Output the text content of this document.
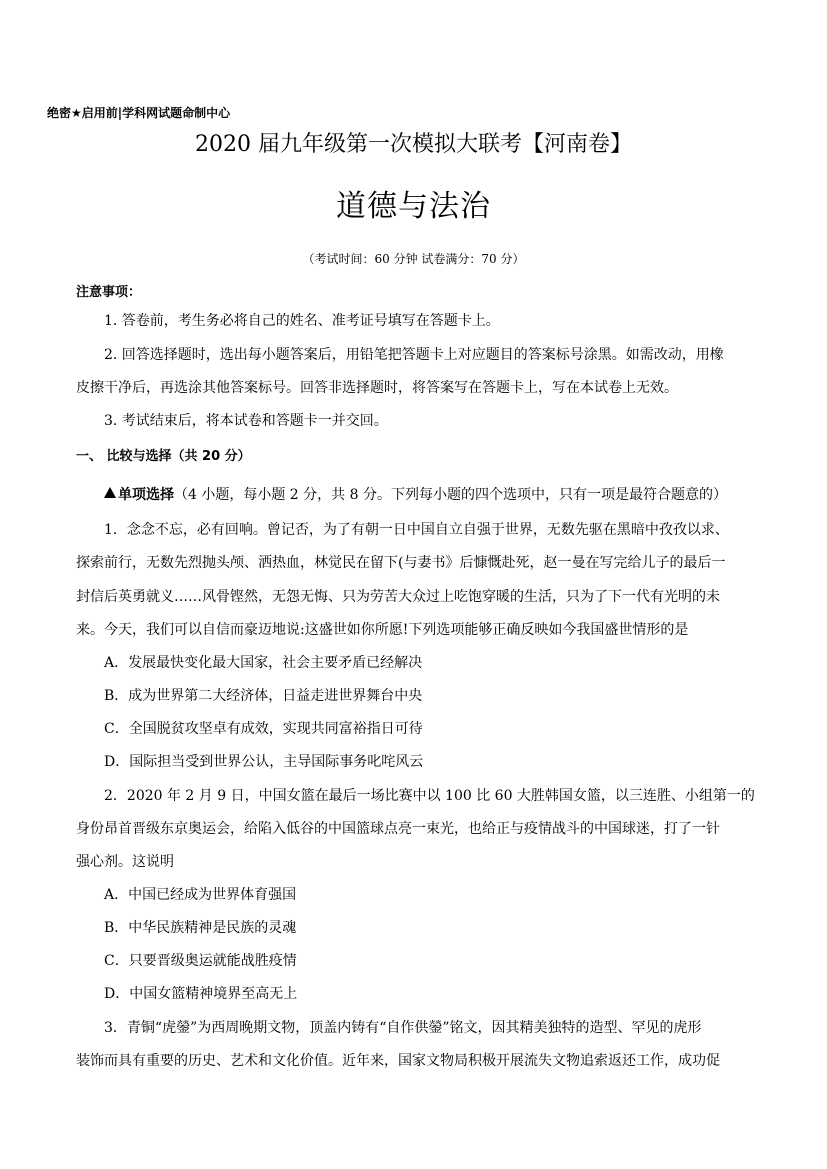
绝密★启用前|学科网试题命制中心
2020 届九年级第一次模拟大联考【河南卷】
道德与法治
（考试时间：60 分钟 试卷满分：70 分）
注意事项：
1. 答卷前，考生务必将自己的姓名、准考证号填写在答题卡上。
2. 回答选择题时，选出每小题答案后，用铅笔把答题卡上对应题目的答案标号涂黑。如需改动，用橡
皮擦干净后，再选涂其他答案标号。回答非选择题时，将答案写在答题卡上，写在本试卷上无效。
3. 考试结束后，将本试卷和答题卡一并交回。
一、 比较与选择（共 20 分）
单项选择（4 小题，每小题 2 分，共 8 分。下列每小题的四个选项中，只有一项是最符合题意的）
1．念念不忘，必有回响。曾记否，为了有朝一日中国自立自强于世界，无数先驱在黑暗中孜孜以求、
探索前行，无数先烈抛头颅、洒热血，林觉民在留下(与妻书》后慷慨赴死，赵一曼在写完给儿子的最后一
封信后英勇就义……风骨铿然，无怨无悔、只为劳苦大众过上吃饱穿暖的生活，只为了下一代有光明的未
来。今天，我们可以自信而豪迈地说:这盛世如你所愿!下列选项能够正确反映如今我国盛世情形的是
A．发展最快变化最大国家，社会主要矛盾已经解决
B．成为世界第二大经济体，日益走进世界舞台中央
C．全国脱贫攻坚卓有成效，实现共同富裕指日可待
D．国际担当受到世界公认，主导国际事务叱咤风云
2．2020 年 2 月 9 日，中国女篮在最后一场比赛中以 100 比 60 大胜韩国女篮，以三连胜、小组第一的
身份昂首晋级东京奥运会，给陷入低谷的中国篮球点亮一束光，也给正与疫情战斗的中国球迷，打了一针
强心剂。这说明
A．中国已经成为世界体育强国
B．中华民族精神是民族的灵魂
C．只要晋级奥运就能战胜疫情
D．中国女篮精神境界至高无上
3．青铜“虎鎣”为西周晚期文物，顶盖内铸有“自作供鎣”铭文，因其精美独特的造型、罕见的虎形
装饰而具有重要的历史、艺术和文化价值。近年来，国家文物局积极开展流失文物追索返还工作，成功促
